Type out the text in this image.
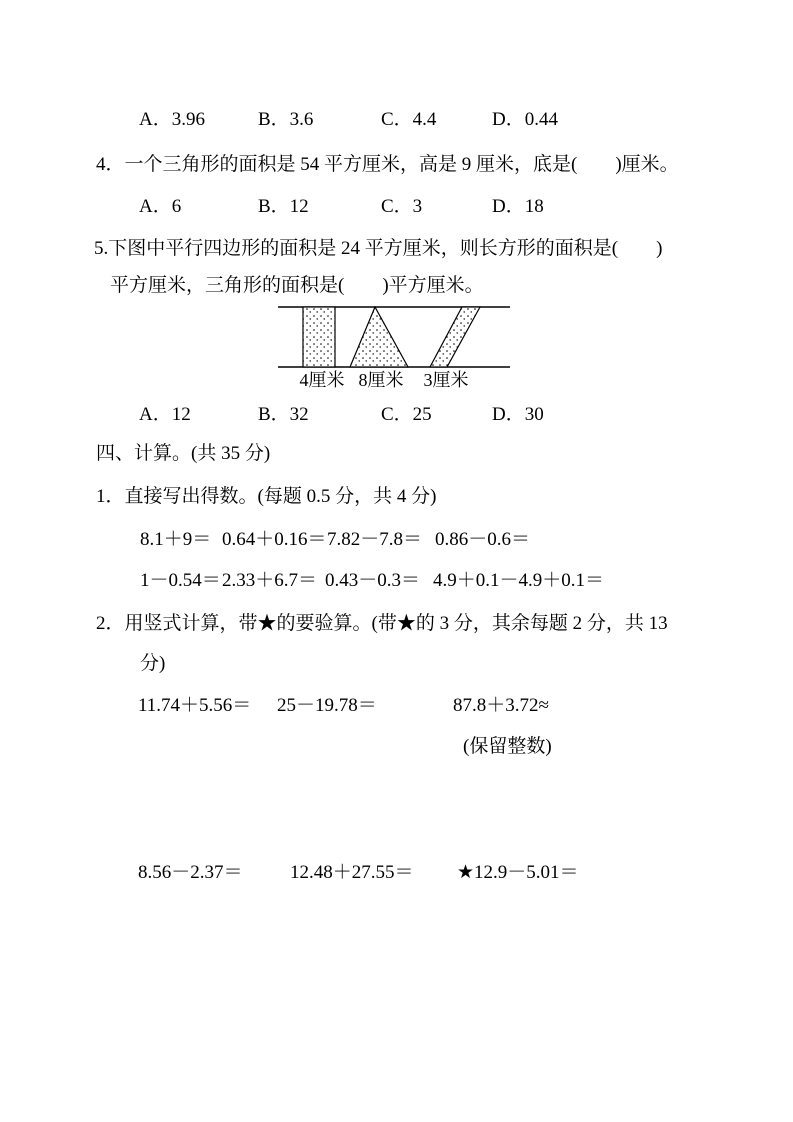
A．3.96	B．3.6	C．4.4	D．0.44
4．一个三角形的面积是 54 平方厘米，高是 9 厘米，底是(　　)厘米。
A．6	B．12	C．3	D．18
5.下图中平行四边形的面积是 24 平方厘米，则长方形的面积是(　　)
平方厘米，三角形的面积是(　　)平方厘米。
4厘米 8厘米 3厘米
A．12	B．32	C．25	D．30
四、计算。(共 35 分)
1．直接写出得数。(每题 0.5 分，共 4 分)
8.1＋9＝ 0.64＋0.16＝ 7.82－7.8＝ 0.86－0.6＝
1－0.54＝ 2.33＋6.7＝ 0.43－0.3＝ 4.9＋0.1－4.9＋0.1＝
2．用竖式计算，带★的要验算。(带★的 3 分，其余每题 2 分，共 13
分)
11.74＋5.56＝ 25－19.78＝	87.8＋3.72≈
(保留整数)
8.56－2.37＝ 12.48＋27.55＝ ★12.9－5.01＝
